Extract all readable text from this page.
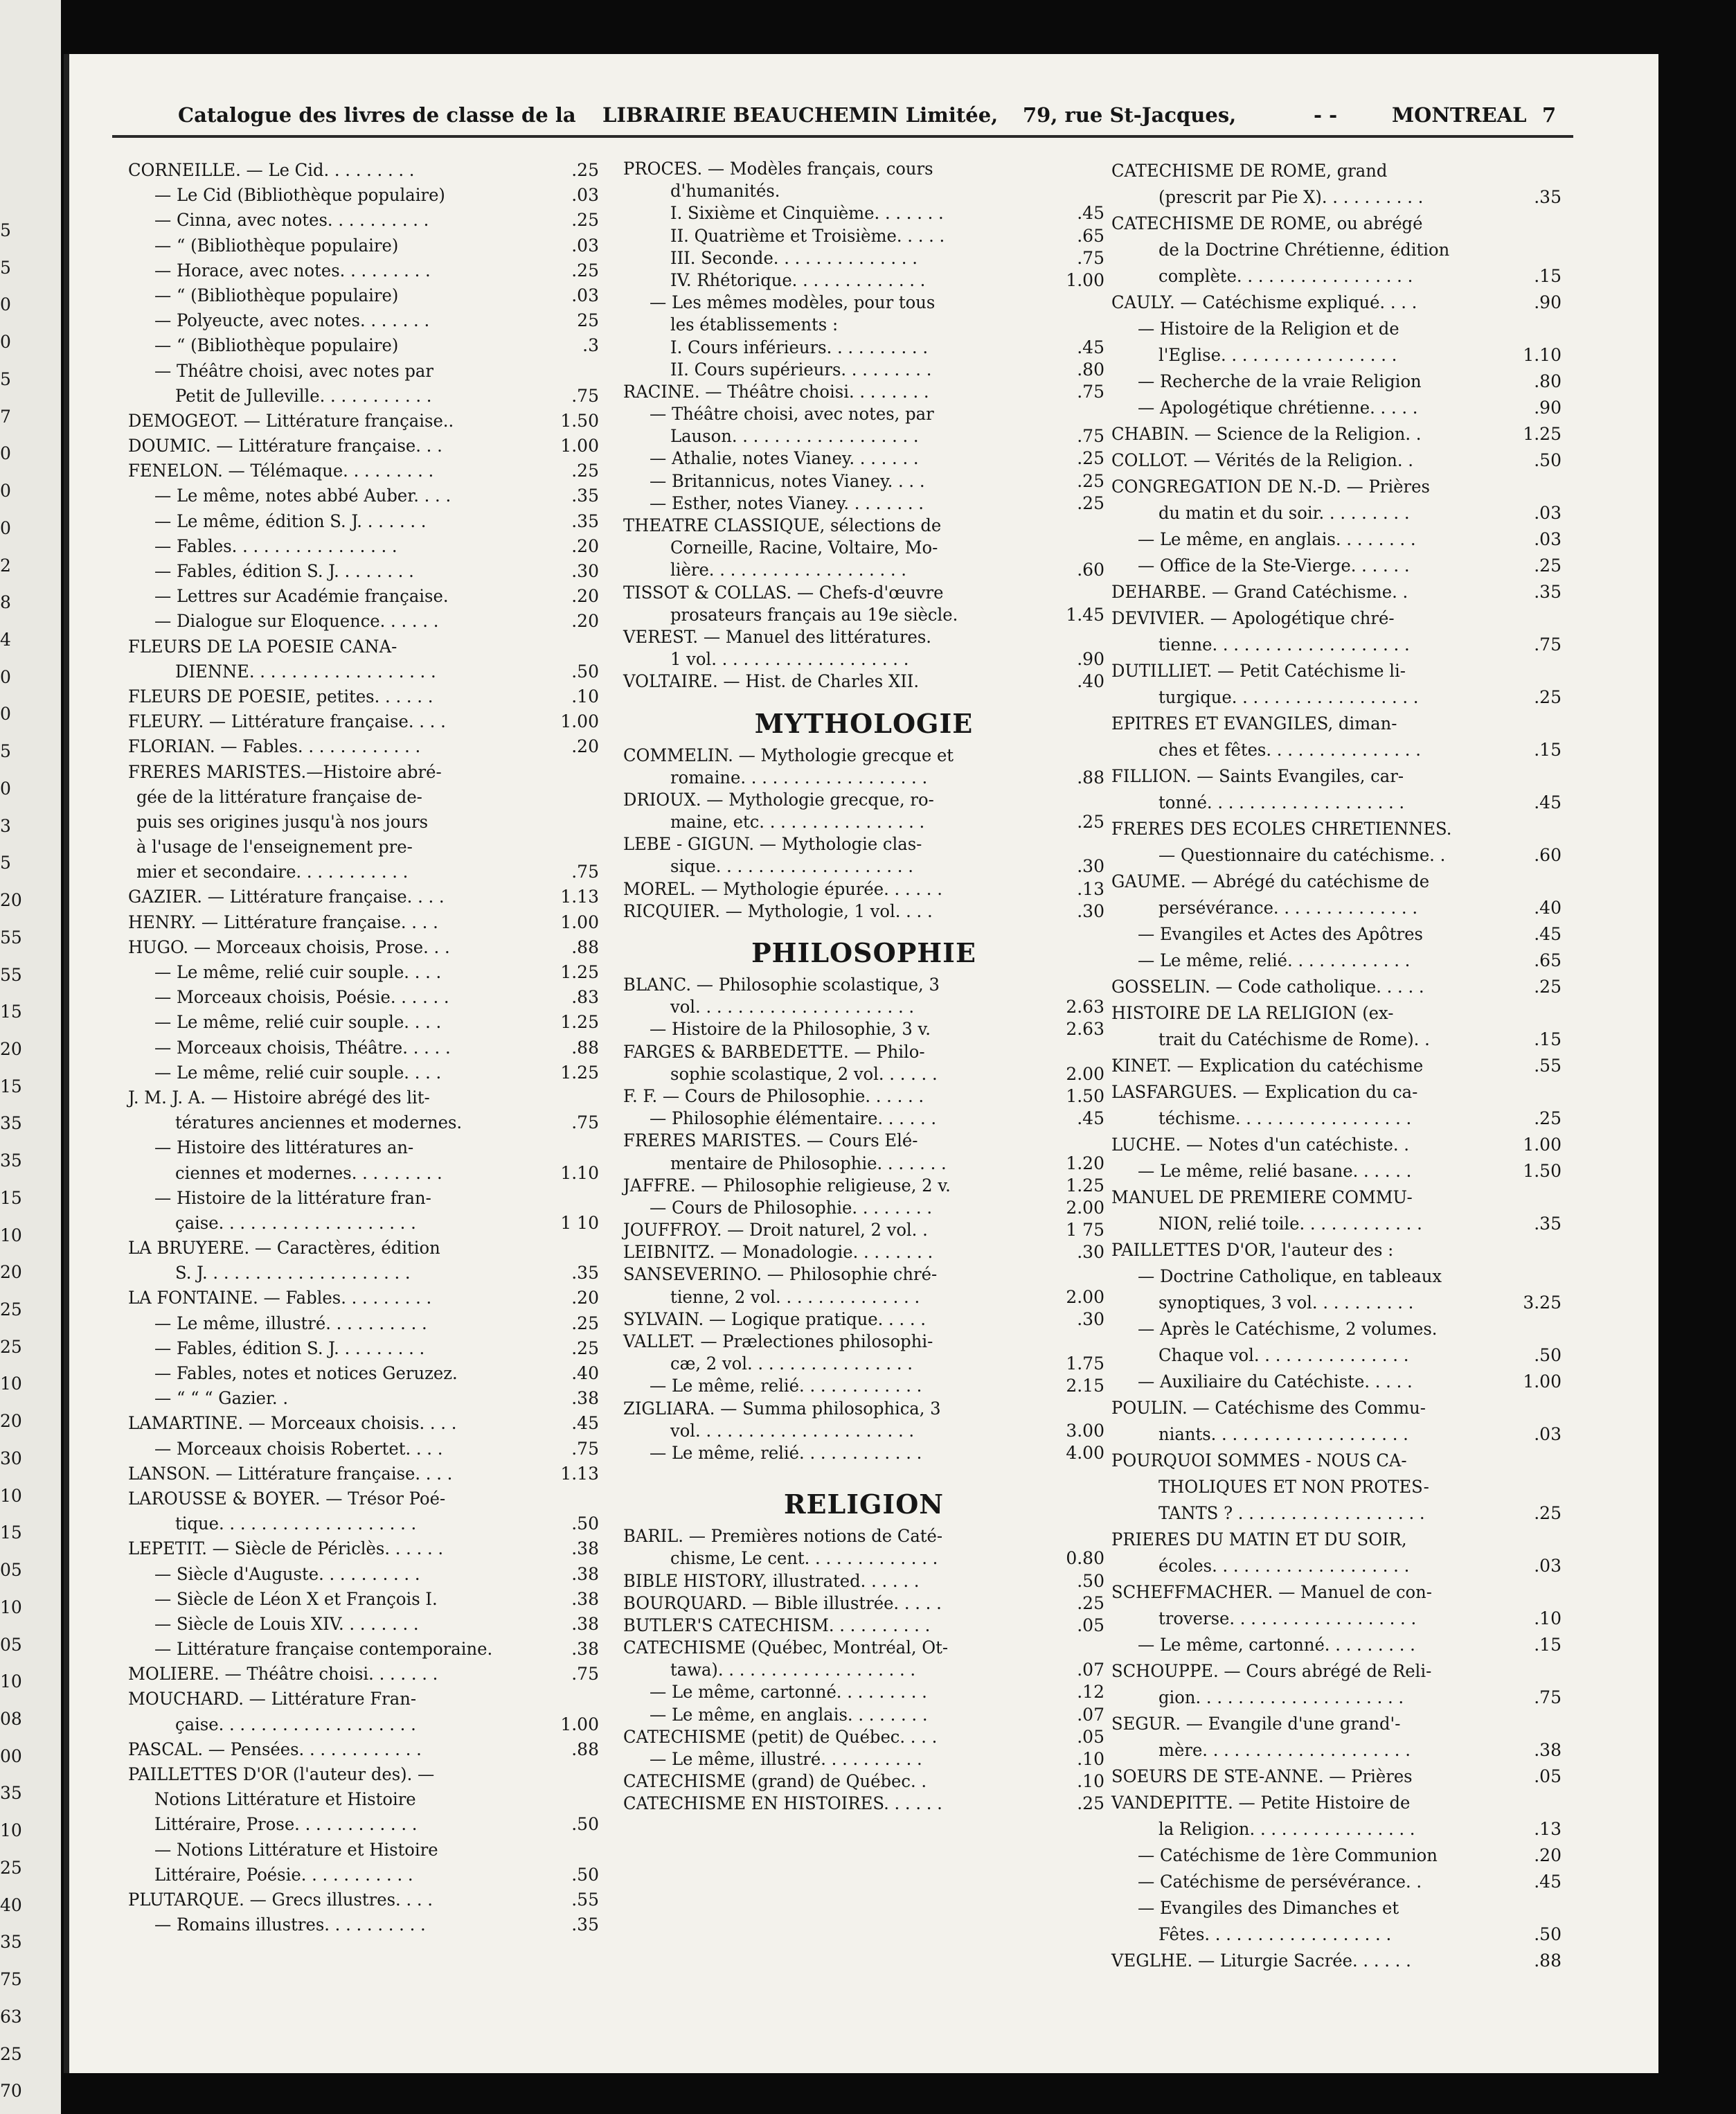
5
5
0
0
5
7
0
0
0
2
8
4
0
0
5
0
3
5
20
55
55
15
20
15
35
35
15
10
20
25
25
10
20
30
10
15
05
10
05
10
08
00
35
10
25
40
35
75
63
25
70
Catalogue des livres de classe de la LIBRAIRIE BEAUCHEMIN Limitée, 79, rue St-Jacques,	- -	MONTREAL 7
CORNEILLE. — Le Cid. . . . . . . . .	.25
— Le Cid (Bibliothèque populaire)	.03
— Cinna, avec notes. . . . . . . . . .	.25
— “ (Bibliothèque populaire)	.03
— Horace, avec notes. . . . . . . . .	.25
— “ (Bibliothèque populaire)	.03
— Polyeucte, avec notes. . . . . . .	25
— “ (Bibliothèque populaire)	.3
— Théâtre choisi, avec notes par
Petit de Julleville. . . . . . . . . . .	.75
DEMOGEOT. — Littérature française..	1.50
DOUMIC. — Littérature française. . .	1.00
FENELON. — Télémaque. . . . . . . . .	.25
— Le même, notes abbé Auber. . . .	.35
— Le même, édition S. J. . . . . . .	.35
— Fables. . . . . . . . . . . . . . . .	.20
— Fables, édition S. J. . . . . . . .	.30
— Lettres sur Académie française.	.20
— Dialogue sur Eloquence. . . . . .	.20
FLEURS DE LA POESIE CANA-
DIENNE. . . . . . . . . . . . . . . . . .	.50
FLEURS DE POESIE, petites. . . . . .	.10
FLEURY. — Littérature française. . . .	1.00
FLORIAN. — Fables. . . . . . . . . . . .	.20
FRERES MARISTES.—Histoire abré-
gée de la littérature française de-
puis ses origines jusqu'à nos jours
à l'usage de l'enseignement pre-
mier et secondaire. . . . . . . . . . .	.75
GAZIER. — Littérature française. . . .	1.13
HENRY. — Littérature française. . . .	1.00
HUGO. — Morceaux choisis, Prose. . .	.88
— Le même, relié cuir souple. . . .	1.25
— Morceaux choisis, Poésie. . . . . .	.83
— Le même, relié cuir souple. . . .	1.25
— Morceaux choisis, Théâtre. . . . .	.88
— Le même, relié cuir souple. . . .	1.25
J. M. J. A. — Histoire abrégé des lit-
tératures anciennes et modernes.	.75
— Histoire des littératures an-
ciennes et modernes. . . . . . . . .	1.10
— Histoire de la littérature fran-
çaise. . . . . . . . . . . . . . . . . . .	1 10
LA BRUYERE. — Caractères, édition
S. J. . . . . . . . . . . . . . . . . . . .	.35
LA FONTAINE. — Fables. . . . . . . . .	.20
— Le même, illustré. . . . . . . . . .	.25
— Fables, édition S. J. . . . . . . . .	.25
— Fables, notes et notices Geruzez.	.40
— “ “ “ Gazier. .	.38
LAMARTINE. — Morceaux choisis. . . .	.45
— Morceaux choisis Robertet. . . .	.75
LANSON. — Littérature française. . . .	1.13
LAROUSSE & BOYER. — Trésor Poé-
tique. . . . . . . . . . . . . . . . . . .	.50
LEPETIT. — Siècle de Périclès. . . . . .	.38
— Siècle d'Auguste. . . . . . . . . .	.38
— Siècle de Léon X et François I.	.38
— Siècle de Louis XIV. . . . . . . .	.38
— Littérature française contemporaine.	.38
MOLIERE. — Théâtre choisi. . . . . . .	.75
MOUCHARD. — Littérature Fran-
çaise. . . . . . . . . . . . . . . . . . .	1.00
PASCAL. — Pensées. . . . . . . . . . . .	.88
PAILLETTES D'OR (l'auteur des). —
Notions Littérature et Histoire
Littéraire, Prose. . . . . . . . . . . .	.50
— Notions Littérature et Histoire
Littéraire, Poésie. . . . . . . . . . .	.50
PLUTARQUE. — Grecs illustres. . . .	.55
— Romains illustres. . . . . . . . . .	.35
PROCES. — Modèles français, cours
d'humanités.
I. Sixième et Cinquième. . . . . . .	.45
II. Quatrième et Troisième. . . . .	.65
III. Seconde. . . . . . . . . . . . . .	.75
IV. Rhétorique. . . . . . . . . . . . .	1.00
— Les mêmes modèles, pour tous
les établissements :
I. Cours inférieurs. . . . . . . . . .	.45
II. Cours supérieurs. . . . . . . . .	.80
RACINE. — Théâtre choisi. . . . . . . .	.75
— Théâtre choisi, avec notes, par
Lauson. . . . . . . . . . . . . . . . . .	.75
— Athalie, notes Vianey. . . . . . .	.25
— Britannicus, notes Vianey. . . .	.25
— Esther, notes Vianey. . . . . . . .	.25
THEATRE CLASSIQUE, sélections de
Corneille, Racine, Voltaire, Mo-
lière. . . . . . . . . . . . . . . . . . .	.60
TISSOT & COLLAS. — Chefs-d'œuvre
prosateurs français au 19e siècle.	1.45
VEREST. — Manuel des littératures.
1 vol. . . . . . . . . . . . . . . . . . .	.90
VOLTAIRE. — Hist. de Charles XII.	.40
MYTHOLOGIE
COMMELIN. — Mythologie grecque et
romaine. . . . . . . . . . . . . . . . . .	.88
DRIOUX. — Mythologie grecque, ro-
maine, etc. . . . . . . . . . . . . . . .	.25
LEBE - GIGUN. — Mythologie clas-
sique. . . . . . . . . . . . . . . . . . .	.30
MOREL. — Mythologie épurée. . . . . .	.13
RICQUIER. — Mythologie, 1 vol. . . .	.30
PHILOSOPHIE
BLANC. — Philosophie scolastique, 3
vol. . . . . . . . . . . . . . . . . . . . .	2.63
— Histoire de la Philosophie, 3 v.	2.63
FARGES & BARBEDETTE. — Philo-
sophie scolastique, 2 vol. . . . . .	2.00
F. F. — Cours de Philosophie. . . . . .	1.50
— Philosophie élémentaire. . . . . .	.45
FRERES MARISTES. — Cours Elé-
mentaire de Philosophie. . . . . . .	1.20
JAFFRE. — Philosophie religieuse, 2 v.	1.25
— Cours de Philosophie. . . . . . . .	2.00
JOUFFROY. — Droit naturel, 2 vol. .	1 75
LEIBNITZ. — Monadologie. . . . . . . .	.30
SANSEVERINO. — Philosophie chré-
tienne, 2 vol. . . . . . . . . . . . . .	2.00
SYLVAIN. — Logique pratique. . . . .	.30
VALLET. — Prælectiones philosophi-
cæ, 2 vol. . . . . . . . . . . . . . . .	1.75
— Le même, relié. . . . . . . . . . . .	2.15
ZIGLIARA. — Summa philosophica, 3
vol. . . . . . . . . . . . . . . . . . . . .	3.00
— Le même, relié. . . . . . . . . . . .	4.00
RELIGION
BARIL. — Premières notions de Caté-
chisme, Le cent. . . . . . . . . . . . .	0.80
BIBLE HISTORY, illustrated. . . . . .	.50
BOURQUARD. — Bible illustrée. . . . .	.25
BUTLER'S CATECHISM. . . . . . . . . .	.05
CATECHISME (Québec, Montréal, Ot-
tawa). . . . . . . . . . . . . . . . . . .	.07
— Le même, cartonné. . . . . . . . .	.12
— Le même, en anglais. . . . . . . .	.07
CATECHISME (petit) de Québec. . . .	.05
— Le même, illustré. . . . . . . . . .	.10
CATECHISME (grand) de Québec. .	.10
CATECHISME EN HISTOIRES. . . . . .	.25
CATECHISME DE ROME, grand
(prescrit par Pie X). . . . . . . . . .	.35
CATECHISME DE ROME, ou abrégé
de la Doctrine Chrétienne, édition
complète. . . . . . . . . . . . . . . . .	.15
CAULY. — Catéchisme expliqué. . . .	.90
— Histoire de la Religion et de
l'Eglise. . . . . . . . . . . . . . . . .	1.10
— Recherche de la vraie Religion	.80
— Apologétique chrétienne. . . . .	.90
CHABIN. — Science de la Religion. .	1.25
COLLOT. — Vérités de la Religion. .	.50
CONGREGATION DE N.-D. — Prières
du matin et du soir. . . . . . . . .	.03
— Le même, en anglais. . . . . . . .	.03
— Office de la Ste-Vierge. . . . . .	.25
DEHARBE. — Grand Catéchisme. .	.35
DEVIVIER. — Apologétique chré-
tienne. . . . . . . . . . . . . . . . . . .	.75
DUTILLIET. — Petit Catéchisme li-
turgique. . . . . . . . . . . . . . . . . .	.25
EPITRES ET EVANGILES, diman-
ches et fêtes. . . . . . . . . . . . . . .	.15
FILLION. — Saints Evangiles, car-
tonné. . . . . . . . . . . . . . . . . . .	.45
FRERES DES ECOLES CHRETIENNES.
— Questionnaire du catéchisme. .	.60
GAUME. — Abrégé du catéchisme de
persévérance. . . . . . . . . . . . . .	.40
— Evangiles et Actes des Apôtres	.45
— Le même, relié. . . . . . . . . . . .	.65
GOSSELIN. — Code catholique. . . . .	.25
HISTOIRE DE LA RELIGION (ex-
trait du Catéchisme de Rome). .	.15
KINET. — Explication du catéchisme	.55
LASFARGUES. — Explication du ca-
téchisme. . . . . . . . . . . . . . . . .	.25
LUCHE. — Notes d'un catéchiste. .	1.00
— Le même, relié basane. . . . . .	1.50
MANUEL DE PREMIERE COMMU-
NION, relié toile. . . . . . . . . . . .	.35
PAILLETTES D'OR, l'auteur des :
— Doctrine Catholique, en tableaux
synoptiques, 3 vol. . . . . . . . . .	3.25
— Après le Catéchisme, 2 volumes.
Chaque vol. . . . . . . . . . . . . . .	.50
— Auxiliaire du Catéchiste. . . . .	1.00
POULIN. — Catéchisme des Commu-
niants. . . . . . . . . . . . . . . . . . .	.03
POURQUOI SOMMES - NOUS CA-
THOLIQUES ET NON PROTES-
TANTS ? . . . . . . . . . . . . . . . . . .	.25
PRIERES DU MATIN ET DU SOIR,
écoles. . . . . . . . . . . . . . . . . . .	.03
SCHEFFMACHER. — Manuel de con-
troverse. . . . . . . . . . . . . . . . . .	.10
— Le même, cartonné. . . . . . . . .	.15
SCHOUPPE. — Cours abrégé de Reli-
gion. . . . . . . . . . . . . . . . . . . .	.75
SEGUR. — Evangile d'une grand'-
mère. . . . . . . . . . . . . . . . . . . .	.38
SOEURS DE STE-ANNE. — Prières	.05
VANDEPITTE. — Petite Histoire de
la Religion. . . . . . . . . . . . . . . .	.13
— Catéchisme de 1ère Communion	.20
— Catéchisme de persévérance. .	.45
— Evangiles des Dimanches et
Fêtes. . . . . . . . . . . . . . . . . .	.50
VEGLHE. — Liturgie Sacrée. . . . . .	.88
